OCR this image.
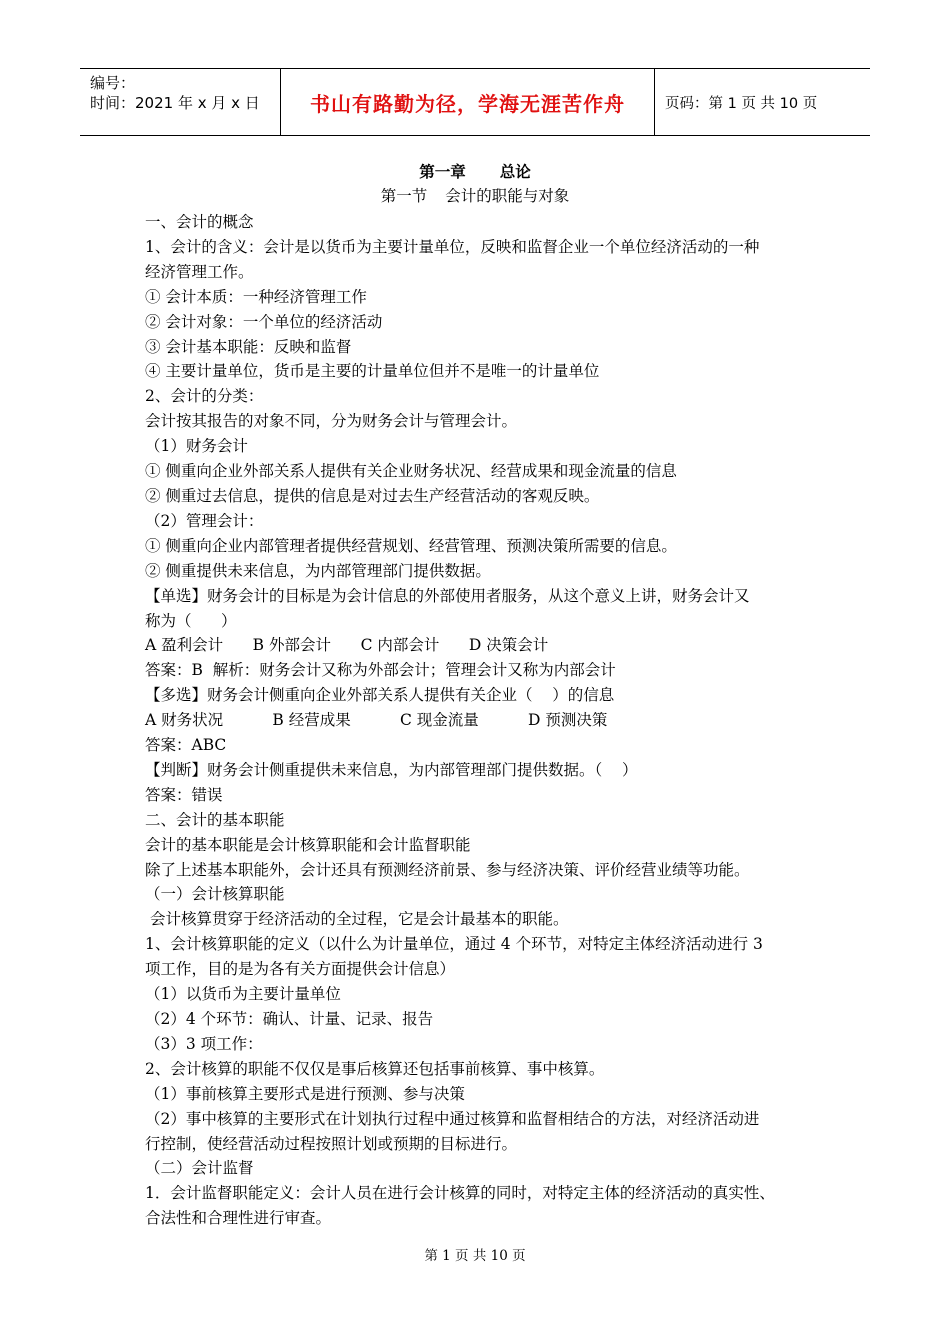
编号：
时间：2021 年 x 月 x 日	书山有路勤为径，学海无涯苦作舟	页码：第 1 页 共 10 页
第一章 总论
第一节 会计的职能与对象

一、会计的概念

1、会计的含义：会计是以货币为主要计量单位，反映和监督企业一个单位经济活动的一种

经济管理工作。

① 会计本质：一种经济管理工作

② 会计对象：一个单位的经济活动

③ 会计基本职能：反映和监督

④ 主要计量单位，货币是主要的计量单位但并不是唯一的计量单位

2、会计的分类：

会计按其报告的对象不同，分为财务会计与管理会计。

（1）财务会计

① 侧重向企业外部关系人提供有关企业财务状况、经营成果和现金流量的信息

② 侧重过去信息，提供的信息是对过去生产经营活动的客观反映。

（2）管理会计：

① 侧重向企业内部管理者提供经营规划、经营管理、预测决策所需要的信息。

② 侧重提供未来信息，为内部管理部门提供数据。

【单选】财务会计的目标是为会计信息的外部使用者服务，从这个意义上讲，财务会计又

称为（      ）

A 盈利会计      B 外部会计      C 内部会计      D 决策会计

答案：B  解析：财务会计又称为外部会计；管理会计又称为内部会计

【多选】财务会计侧重向企业外部关系人提供有关企业（    ）的信息

A 财务状况          B 经营成果          C 现金流量          D 预测决策

答案：ABC

【判断】财务会计侧重提供未来信息，为内部管理部门提供数据。（    ）

答案：错误

二、会计的基本职能

会计的基本职能是会计核算职能和会计监督职能

除了上述基本职能外，会计还具有预测经济前景、参与经济决策、评价经营业绩等功能。

（一）会计核算职能

会计核算贯穿于经济活动的全过程，它是会计最基本的职能。

1、会计核算职能的定义（以什么为计量单位，通过 4 个环节，对特定主体经济活动进行 3

项工作，目的是为各有关方面提供会计信息）

（1）以货币为主要计量单位

（2）4 个环节：确认、计量、记录、报告

（3）3 项工作：

2、会计核算的职能不仅仅是事后核算还包括事前核算、事中核算。

（1）事前核算主要形式是进行预测、参与决策

（2）事中核算的主要形式在计划执行过程中通过核算和监督相结合的方法，对经济活动进

行控制，使经营活动过程按照计划或预期的目标进行。

（二）会计监督

1．会计监督职能定义：会计人员在进行会计核算的同时，对特定主体的经济活动的真实性、

合法性和合理性进行审查。

第 1 页 共 10 页
